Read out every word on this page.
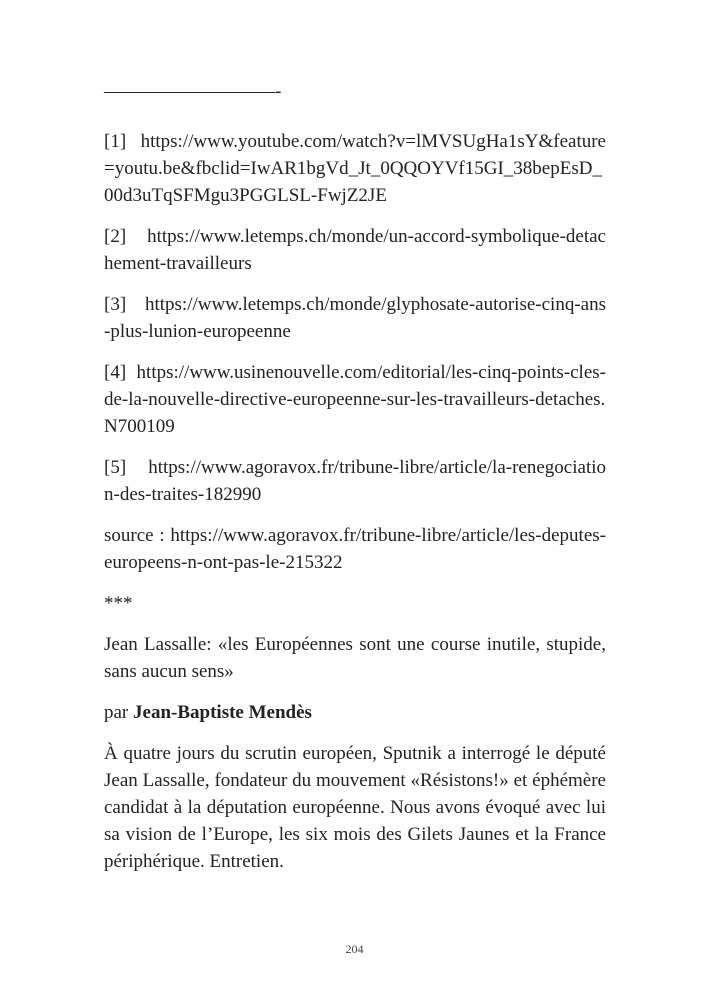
—————————-

[1] https://www.youtube.com/watch?v=lMVSUgHa1sY&feature=youtu.be&fbclid=IwAR1bgVd_Jt_0QQOYVf15GI_38bepEsD_00d3uTqSFMgu3PGGLSL-FwjZ2JE

[2] https://www.letemps.ch/monde/un-accord-symbolique-detachement-travailleurs

[3] https://www.letemps.ch/monde/glyphosate-autorise-cinq-ans-plus-lunion-europeenne

[4] https://www.usinenouvelle.com/editorial/les-cinq-points-cles-de-la-nouvelle-directive-europeenne-sur-les-travailleurs-detaches.N700109

[5] https://www.agoravox.fr/tribune-libre/article/la-renegociation-des-traites-182990

source : https://www.agoravox.fr/tribune-libre/article/les-deputes-europeens-n-ont-pas-le-215322

***

Jean Lassalle: «les Européennes sont une course inutile, stupide, sans aucun sens»

par Jean-Baptiste Mendès

À quatre jours du scrutin européen, Sputnik a interrogé le député Jean Lassalle, fondateur du mouvement «Résistons!» et éphémère candidat à la députation européenne. Nous avons évoqué avec lui sa vision de l’Europe, les six mois des Gilets Jaunes et la France périphérique. Entretien.

204
